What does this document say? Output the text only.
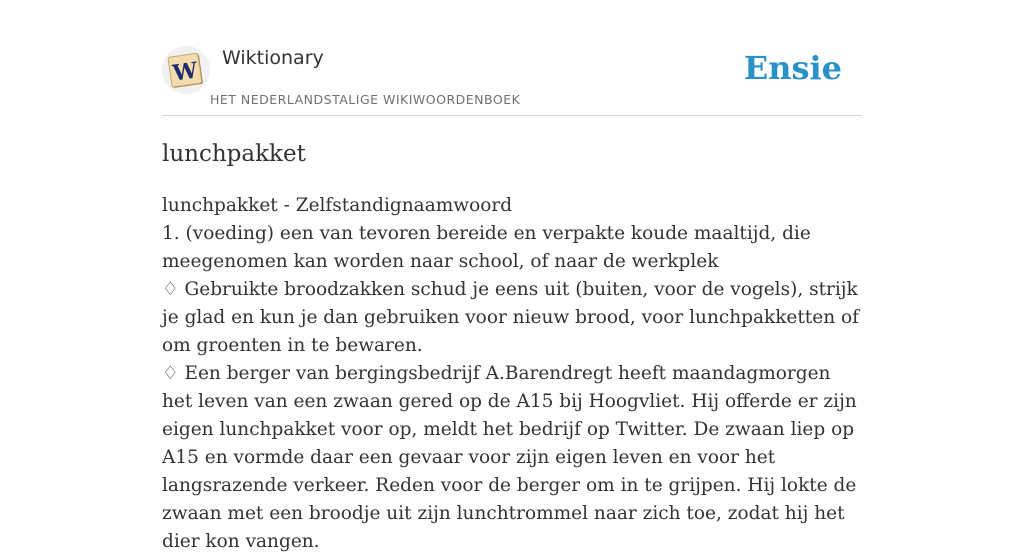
W Wiktionary
HET NEDERLANDSTALIGE WIKIWOORDENBOEK
Ensie
lunchpakket

lunchpakket - Zelfstandignaamwoord

1. (voeding) een van tevoren bereide en verpakte koude maaltijd, die meegenomen kan worden naar school, of naar de werkplek

♢ Gebruikte broodzakken schud je eens uit (buiten, voor de vogels), strijk je glad en kun je dan gebruiken voor nieuw brood, voor lunchpakketten of om groenten in te bewaren.

♢ Een berger van bergingsbedrijf A.Barendregt heeft maandagmorgen het leven van een zwaan gered op de A15 bij Hoogvliet. Hij offerde er zijn eigen lunchpakket voor op, meldt het bedrijf op Twitter. De zwaan liep op A15 en vormde daar een gevaar voor zijn eigen leven en voor het langsrazende verkeer. Reden voor de berger om in te grijpen. Hij lokte de zwaan met een broodje uit zijn lunchtrommel naar zich toe, zodat hij het dier kon vangen.
